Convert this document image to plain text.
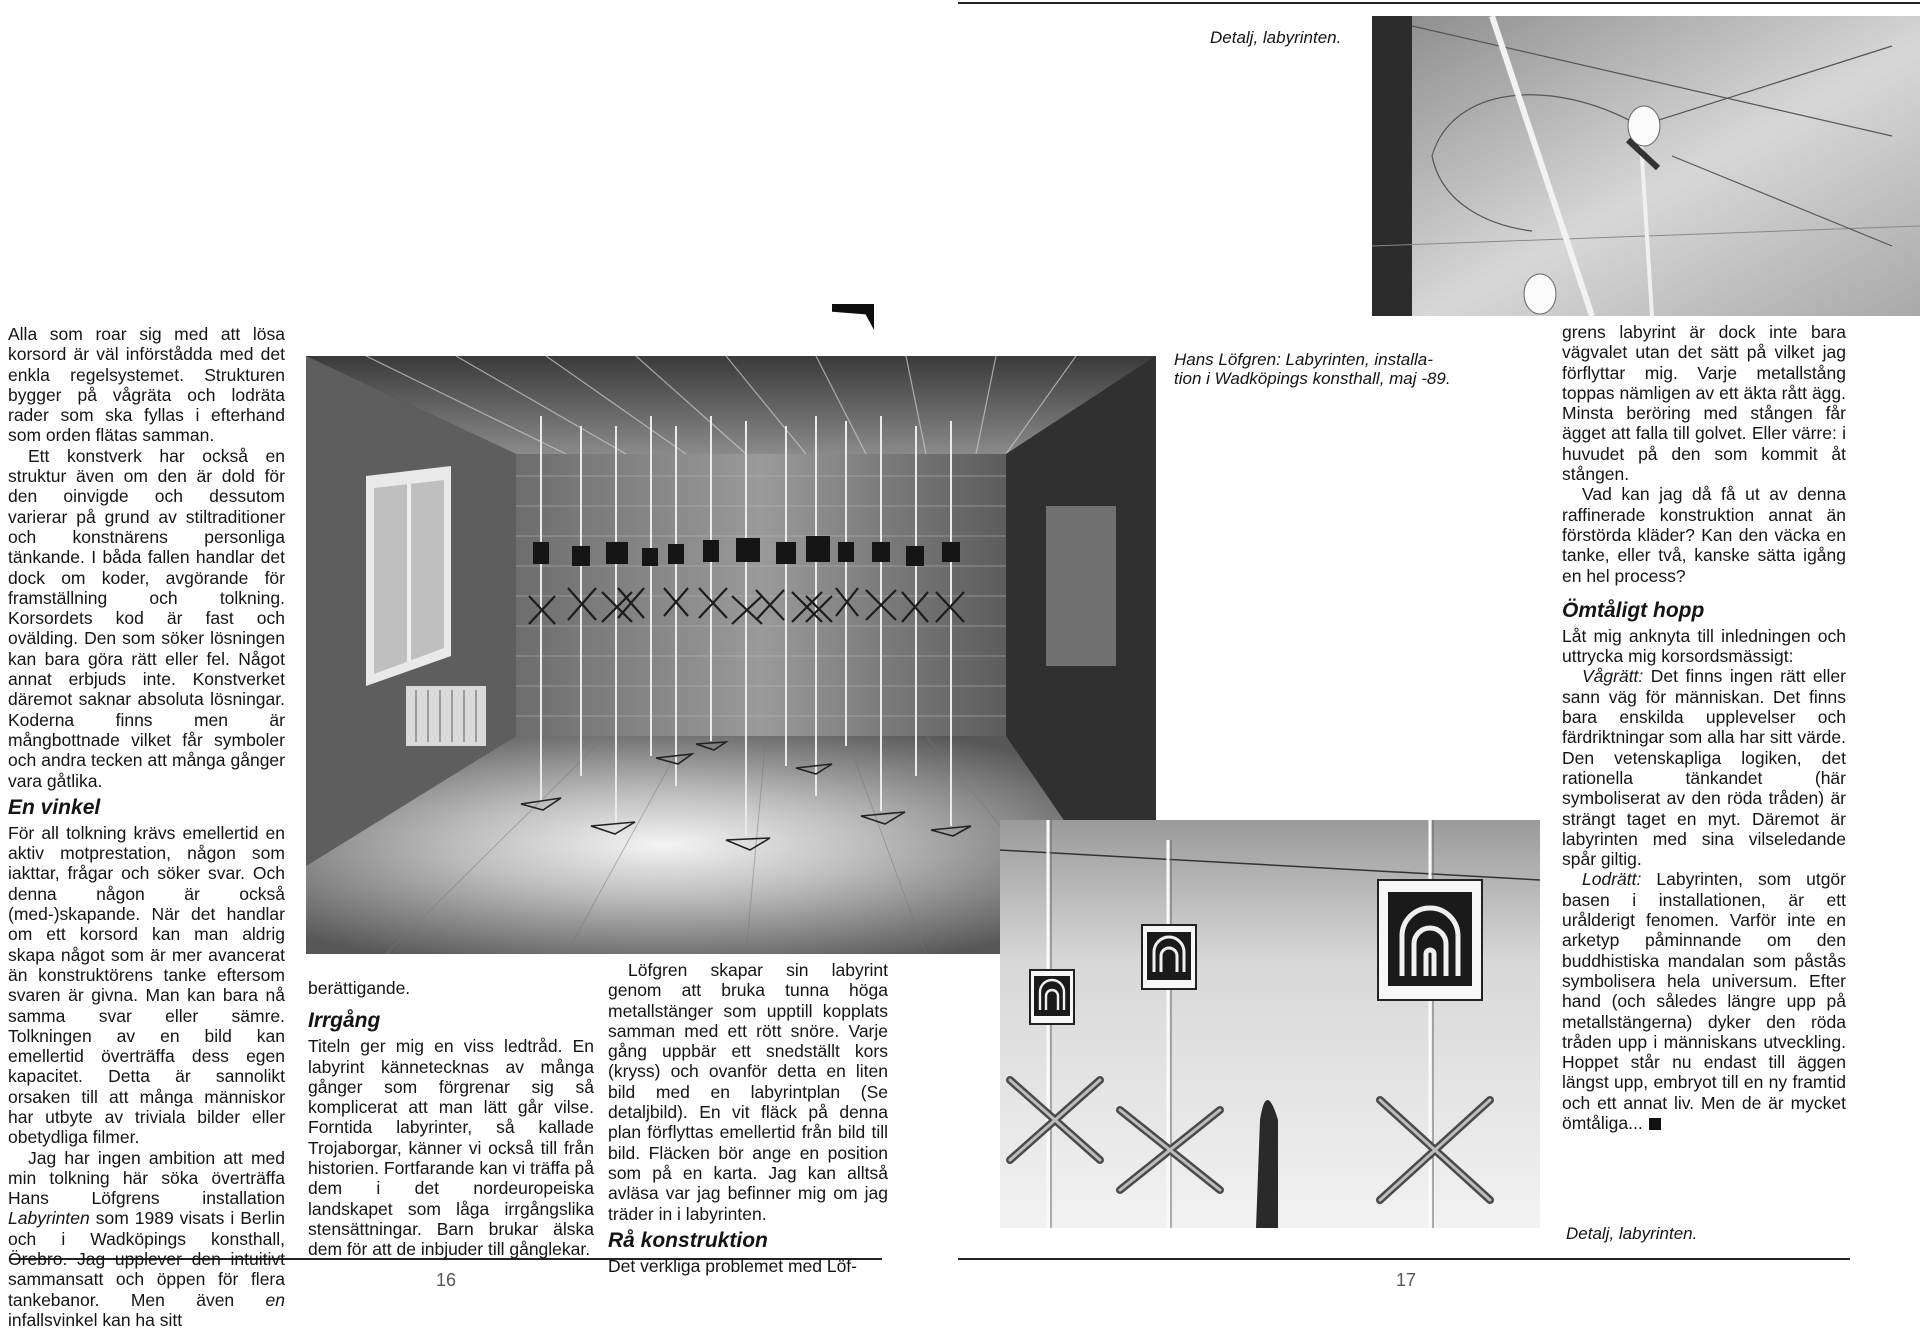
16	17
Detalj, labyrinten.
Hans Löfgren: Labyrinten, installa-tion i Wadköpings konsthall, maj -89.
Detalj, labyrinten.

Alla som roar sig med att lösa korsord är väl införstådda med det enkla regelsystemet. Strukturen bygger på vågräta och lodräta rader som ska fyllas i efterhand som orden flätas samman.

Ett konstverk har också en struktur även om den är dold för den oinvigde och dessutom varierar på grund av stiltraditioner och konstnärens personliga tänkande. I båda fallen handlar det dock om koder, avgörande för framställning och tolkning. Korsordets kod är fast och ovälding. Den som söker lösningen kan bara göra rätt eller fel. Något annat erbjuds inte. Konstverket däremot saknar absoluta lösningar. Koderna finns men är mångbottnade vilket får symboler och andra tecken att många gånger vara gåtlika.

En vinkel

För all tolkning krävs emellertid en aktiv motprestation, någon som iakttar, frågar och söker svar. Och denna någon är också (med-)skapande. När det handlar om ett korsord kan man aldrig skapa något som är mer avancerat än konstruktörens tanke eftersom svaren är givna. Man kan bara nå samma svar eller sämre. Tolkningen av en bild kan emellertid överträffa dess egen kapacitet. Detta är sannolikt orsaken till att många människor har utbyte av triviala bilder eller obetydliga filmer.

Jag har ingen ambition att med min tolkning här söka överträffa Hans Löfgrens installation Labyrinten som 1989 visats i Berlin och i Wadköpings konsthall, Örebro. Jag upplever den intuitivt sammansatt och öppen för flera tankebanor. Men även en infallsvinkel kan ha sitt

berättigande.

Irrgång

Titeln ger mig en viss ledtråd. En labyrint kännetecknas av många gånger som förgrenar sig så komplicerat att man lätt går vilse. Forntida labyrinter, så kallade Trojaborgar, känner vi också till från historien. Fortfarande kan vi träffa på dem i det nordeuropeiska landskapet som låga irrgångslika stensättningar. Barn brukar älska dem för att de inbjuder till gånglekar.

Löfgren skapar sin labyrint genom att bruka tunna höga metallstänger som upptill kopplats samman med ett rött snöre. Varje gång uppbär ett snedställt kors (kryss) och ovanför detta en liten bild med en labyrintplan (Se detaljbild). En vit fläck på denna plan förflyttas emellertid från bild till bild. Fläcken bör ange en position som på en karta. Jag kan alltså avläsa var jag befinner mig om jag träder in i labyrinten.

Rå konstruktion

Det verkliga problemet med Löf-

grens labyrint är dock inte bara vägvalet utan det sätt på vilket jag förflyttar mig. Varje metallstång toppas nämligen av ett äkta rått ägg. Minsta beröring med stången får ägget att falla till golvet. Eller värre: i huvudet på den som kommit åt stången.

Vad kan jag då få ut av denna raffinerade konstruktion annat än förstörda kläder? Kan den väcka en tanke, eller två, kanske sätta igång en hel process?

Ömtåligt hopp

Låt mig anknyta till inledningen och uttrycka mig korsordsmässigt:

Vågrätt: Det finns ingen rätt eller sann väg för människan. Det finns bara enskilda upplevelser och färdriktningar som alla har sitt värde. Den vetenskapliga logiken, det rationella tänkandet (här symboliserat av den röda tråden) är strängt taget en myt. Däremot är labyrinten med sina vilseledande spår giltig.

Lodrätt: Labyrinten, som utgör basen i installationen, är ett urålderigt fenomen. Varför inte en arketyp påminnande om den buddhistiska mandalan som påstås symbolisera hela universum. Efter hand (och således längre upp på metallstängerna) dyker den röda tråden upp i människans utveckling. Hoppet står nu endast till äggen längst upp, embryot till en ny framtid och ett annat liv. Men de är mycket ömtåliga...
